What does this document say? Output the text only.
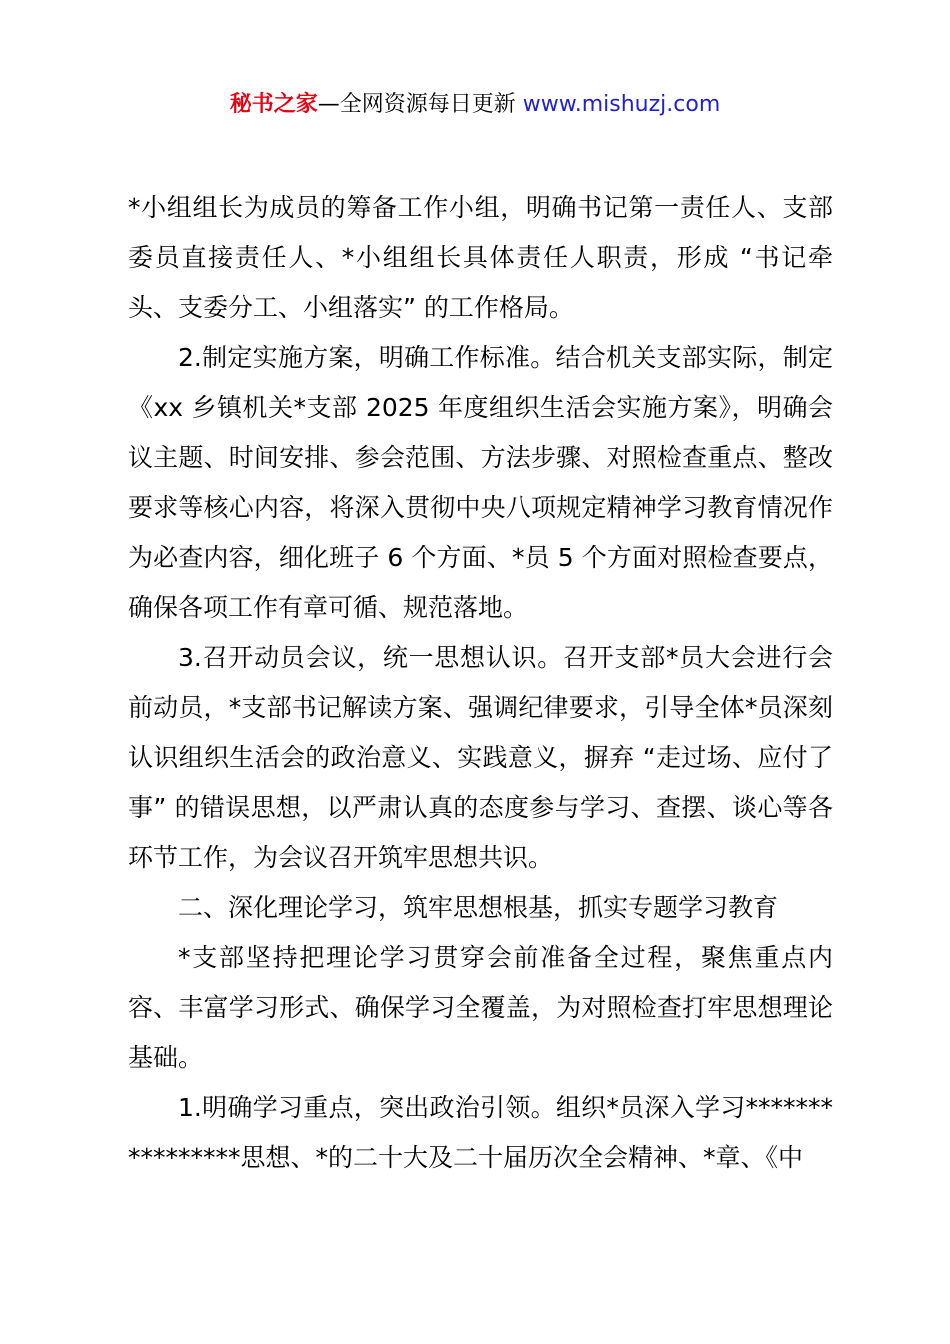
秘书之家—全网资源每日更新 www.mishuzj.com

*小组组长为成员的筹备工作小组，明确书记第一责任人、支部委员直接责任人、*小组组长具体责任人职责，形成 “书记牵头、支委分工、小组落实” 的工作格局。

2.制定实施方案，明确工作标准。结合机关支部实际，制定《xx 乡镇机关*支部 2025 年度组织生活会实施方案》，明确会议主题、时间安排、参会范围、方法步骤、对照检查重点、整改要求等核心内容，将深入贯彻中央八项规定精神学习教育情况作为必查内容，细化班子 6 个方面、*员 5 个方面对照检查要点，确保各项工作有章可循、规范落地。

3.召开动员会议，统一思想认识。召开支部*员大会进行会前动员，*支部书记解读方案、强调纪律要求，引导全体*员深刻认识组织生活会的政治意义、实践意义，摒弃 “走过场、应付了事” 的错误思想，以严肃认真的态度参与学习、查摆、谈心等各环节工作，为会议召开筑牢思想共识。

二、深化理论学习，筑牢思想根基，抓实专题学习教育

*支部坚持把理论学习贯穿会前准备全过程，聚焦重点内容、丰富学习形式、确保学习全覆盖，为对照检查打牢思想理论基础。

1.明确学习重点，突出政治引领。组织*员深入学习****************思想、*的二十大及二十届历次全会精神、*章、《中
